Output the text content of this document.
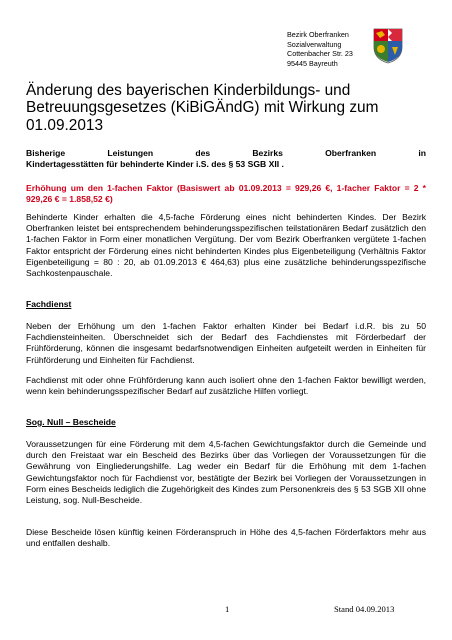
Bezirk Oberfranken
Sozialverwaltung
Cottenbacher Str. 23
95445 Bayreuth
Änderung des bayerischen Kinderbildungs- und Betreuungsgesetzes (KiBiGÄndG) mit Wirkung zum 01.09.2013

Bisherige Leistungen des Bezirks Oberfranken in

Kindertagesstätten für behinderte Kinder i.S. des § 53 SGB XII .

Erhöhung um den 1-fachen Faktor (Basiswert ab 01.09.2013 = 929,26 €, 1-facher Faktor = 2 * 929,26 € = 1.858,52 €)

Behinderte Kinder erhalten die 4,5-fache Förderung eines nicht behinderten Kindes. Der Bezirk Oberfranken leistet bei entsprechendem behinderungsspezifischen teilstationären Bedarf zusätzlich den 1-fachen Faktor in Form einer monatlichen Vergütung. Der vom Bezirk Oberfranken vergütete 1-fachen Faktor entspricht der Förderung eines nicht behinderten Kindes plus Eigenbeteiligung (Verhältnis Faktor Eigenbeteiligung = 80 : 20, ab 01.09.2013 € 464,63) plus eine zusätzliche behinderungsspezifische Sachkostenpauschale.

Fachdienst

Neben der Erhöhung um den 1-fachen Faktor erhalten Kinder bei Bedarf i.d.R. bis zu 50 Fachdiensteinheiten. Überschneidet sich der Bedarf des Fachdienstes mit Förderbedarf der Frühförderung, können die insgesamt bedarfsnotwendigen Einheiten aufgeteilt werden in Einheiten für Frühförderung und Einheiten für Fachdienst.

Fachdienst mit oder ohne Frühförderung kann auch isoliert ohne den 1-fachen Faktor bewilligt werden, wenn kein behinderungsspezifischer Bedarf auf zusätzliche Hilfen vorliegt.

Sog. Null – Bescheide

Voraussetzungen für eine Förderung mit dem 4,5-fachen Gewichtungsfaktor durch die Gemeinde und durch den Freistaat war ein Bescheid des Bezirks über das Vorliegen der Voraussetzungen für die Gewährung von Eingliederungshilfe. Lag weder ein Bedarf für die Erhöhung mit dem 1-fachen Gewichtungsfaktor noch für Fachdienst vor, bestätigte der Bezirk bei Vorliegen der Voraussetzungen in Form eines Bescheids lediglich die Zugehörigkeit des Kindes zum Personenkreis des § 53 SGB XII ohne Leistung, sog. Null-Bescheide.

Diese Bescheide lösen künftig keinen Förderanspruch in Höhe des 4,5-fachen Förderfaktors mehr aus und entfallen deshalb.

1	Stand 04.09.2013
